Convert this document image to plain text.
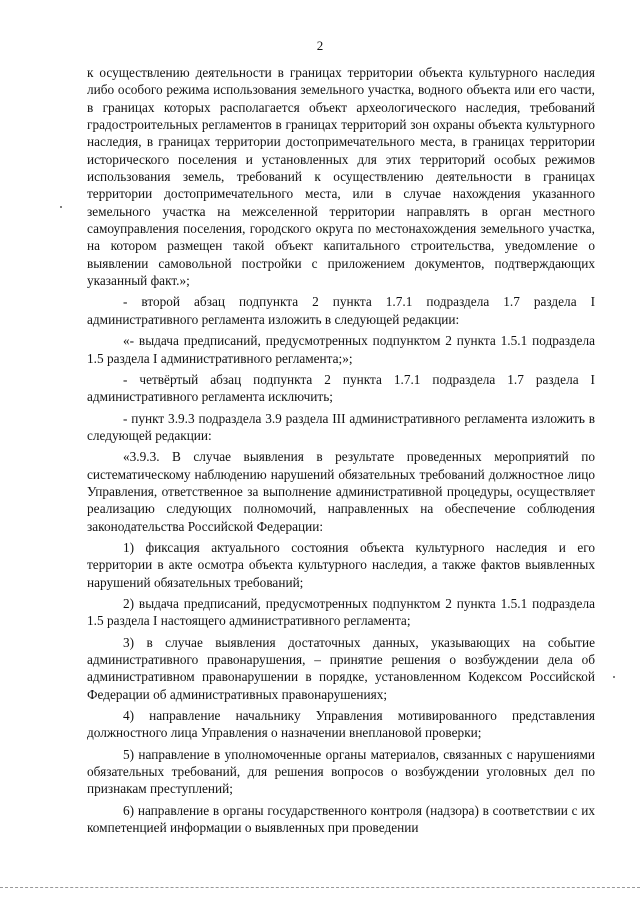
2

к осуществлению деятельности в границах территории объекта культурного наследия либо особого режима использования земельного участка, водного объекта или его части, в границах которых располагается объект археологического наследия, требований градостроительных регламентов в границах территорий зон охраны объекта культурного наследия, в границах территории достопримечательного места, в границах территории исторического поселения и установленных для этих территорий особых режимов использования земель, требований к осуществлению деятельности в границах территории достопримечательного места, или в случае нахождения указанного земельного участка на межселенной территории направлять в орган местного самоуправления поселения, городского округа по местонахождения земельного участка, на котором размещен такой объект капитального строительства, уведомление о выявлении самовольной постройки с приложением документов, подтверждающих указанный факт.»;

- второй абзац подпункта 2 пункта 1.7.1 подраздела 1.7 раздела I административного регламента изложить в следующей редакции:

«- выдача предписаний, предусмотренных подпунктом 2 пункта 1.5.1 подраздела 1.5 раздела I административного регламента;»;

- четвёртый абзац подпункта 2 пункта 1.7.1 подраздела 1.7 раздела I административного регламента исключить;

- пункт 3.9.3 подраздела 3.9 раздела III административного регламента изложить в следующей редакции:

«3.9.3. В случае выявления в результате проведенных мероприятий по систематическому наблюдению нарушений обязательных требований должностное лицо Управления, ответственное за выполнение административной процедуры, осуществляет реализацию следующих полномочий, направленных на обеспечение соблюдения законодательства Российской Федерации:

1) фиксация актуального состояния объекта культурного наследия и его территории в акте осмотра объекта культурного наследия, а также фактов выявленных нарушений обязательных требований;

2) выдача предписаний, предусмотренных подпунктом 2 пункта 1.5.1 подраздела 1.5 раздела I настоящего административного регламента;

3) в случае выявления достаточных данных, указывающих на событие административного правонарушения, – принятие решения о возбуждении дела об административном правонарушении в порядке, установленном Кодексом Российской Федерации об административных правонарушениях;

4) направление начальнику Управления мотивированного представления должностного лица Управления о назначении внеплановой проверки;

5) направление в уполномоченные органы материалов, связанных с нарушениями обязательных требований, для решения вопросов о возбуждении уголовных дел по признакам преступлений;

6) направление в органы государственного контроля (надзора) в соответствии с их компетенцией информации о выявленных при проведении
